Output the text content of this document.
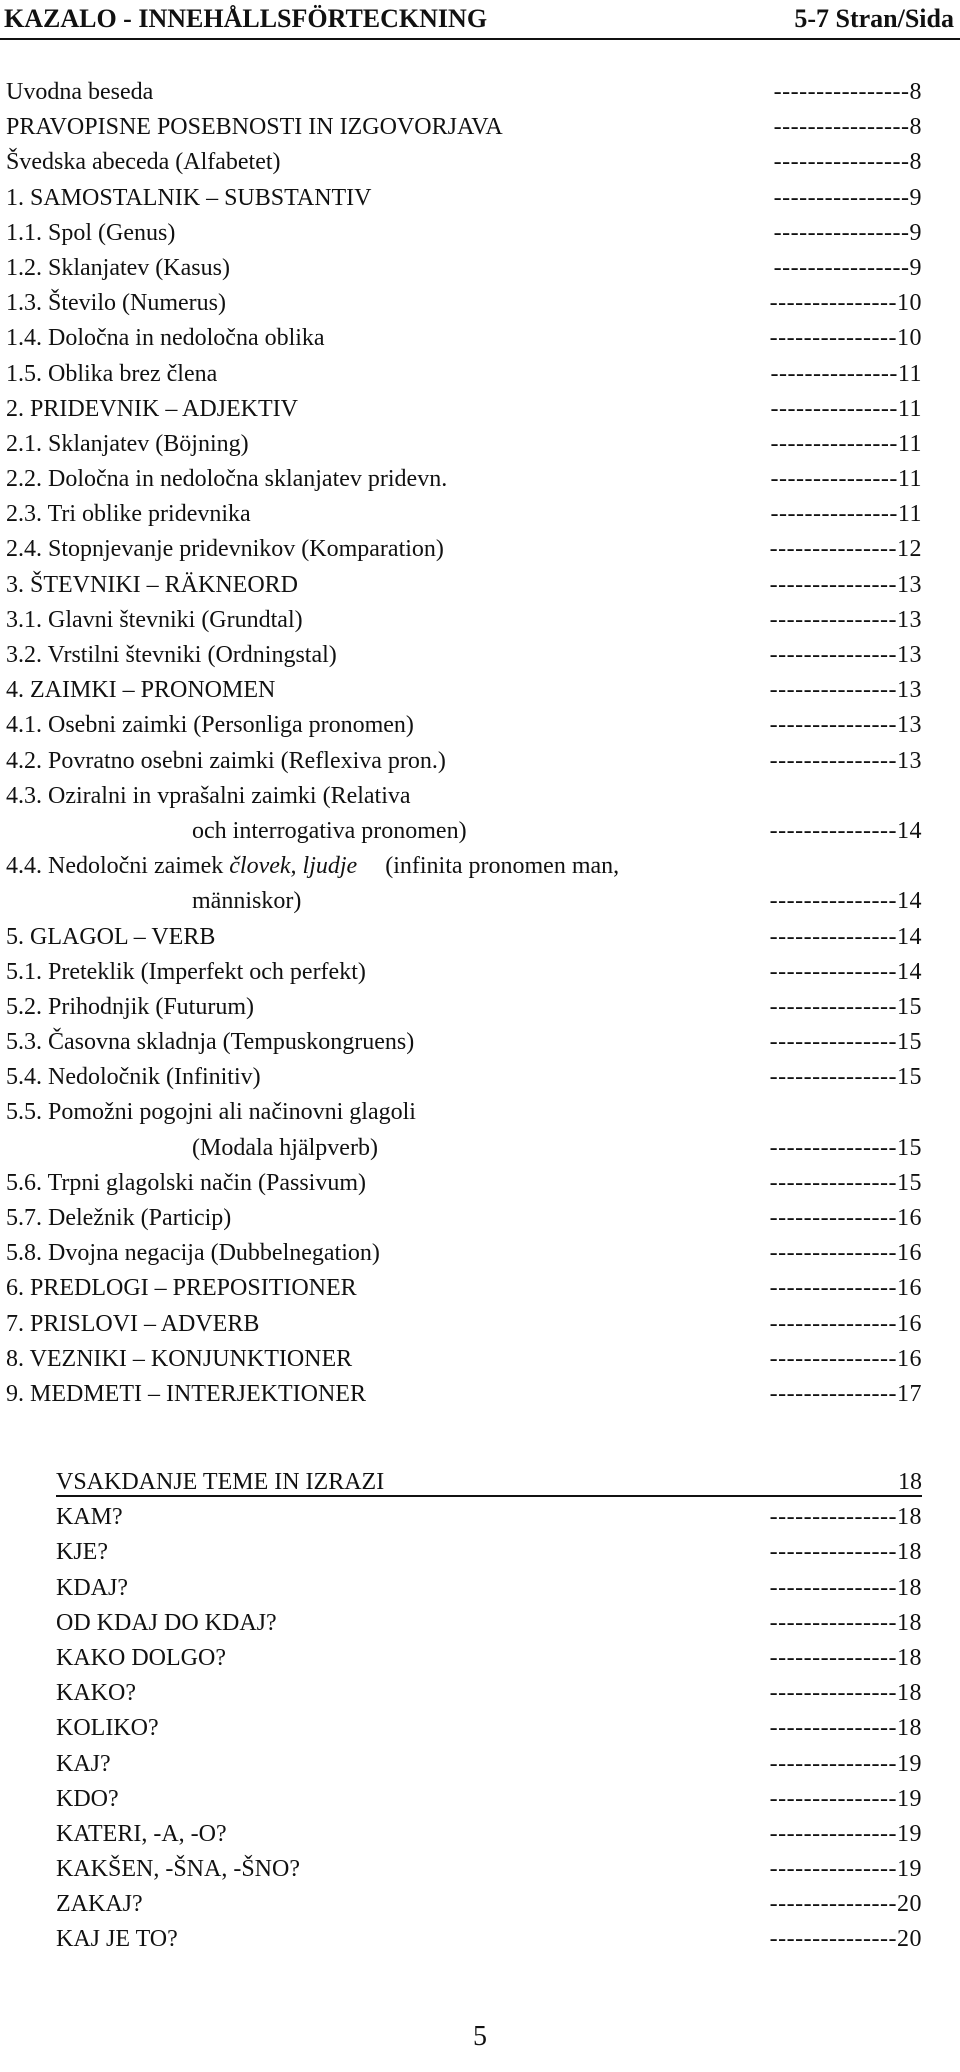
KAZALO - INNEHÅLLSFÖRTECKNING	5-7 Stran/Sida
Uvodna beseda	----------------8
PRAVOPISNE POSEBNOSTI IN IZGOVORJAVA	----------------8
Švedska abeceda (Alfabetet)	----------------8
1. SAMOSTALNIK – SUBSTANTIV	----------------9
1.1. Spol (Genus)	----------------9
1.2. Sklanjatev (Kasus)	----------------9
1.3. Število (Numerus)	---------------10
1.4. Določna in nedoločna oblika	---------------10
1.5. Oblika brez člena	---------------11
2. PRIDEVNIK – ADJEKTIV	---------------11
2.1. Sklanjatev (Böjning)	---------------11
2.2. Določna in nedoločna sklanjatev pridevn.	---------------11
2.3. Tri oblike pridevnika	---------------11
2.4. Stopnjevanje pridevnikov (Komparation)	---------------12
3. ŠTEVNIKI – RÄKNEORD	---------------13
3.1. Glavni števniki (Grundtal)	---------------13
3.2. Vrstilni števniki (Ordningstal)	---------------13
4. ZAIMKI – PRONOMEN	---------------13
4.1. Osebni zaimki (Personliga pronomen)	---------------13
4.2. Povratno osebni zaimki (Reflexiva pron.)	---------------13
4.3. Oziralni in vprašalni zaimki (Relativa
och interrogativa pronomen)	---------------14
4.4. Nedoločni zaimek človek, ljudje (infinita pronomen man,
människor)	---------------14
5. GLAGOL – VERB	---------------14
5.1. Preteklik (Imperfekt och perfekt)	---------------14
5.2. Prihodnjik (Futurum)	---------------15
5.3. Časovna skladnja (Tempuskongruens)	---------------15
5.4. Nedoločnik (Infinitiv)	---------------15
5.5. Pomožni pogojni ali načinovni glagoli
(Modala hjälpverb)	---------------15
5.6. Trpni glagolski način (Passivum)	---------------15
5.7. Deležnik (Particip)	---------------16
5.8. Dvojna negacija (Dubbelnegation)	---------------16
6. PREDLOGI – PREPOSITIONER	---------------16
7. PRISLOVI – ADVERB	---------------16
8. VEZNIKI – KONJUNKTIONER	---------------16
9. MEDMETI – INTERJEKTIONER	---------------17
VSAKDANJE TEME IN IZRAZI	18
KAM?	---------------18
KJE?	---------------18
KDAJ?	---------------18
OD KDAJ DO KDAJ?	---------------18
KAKO DOLGO?	---------------18
KAKO?	---------------18
KOLIKO?	---------------18
KAJ?	---------------19
KDO?	---------------19
KATERI, -A, -O?	---------------19
KAKŠEN, -ŠNA, -ŠNO?	---------------19
ZAKAJ?	---------------20
KAJ JE TO?	---------------20
5
